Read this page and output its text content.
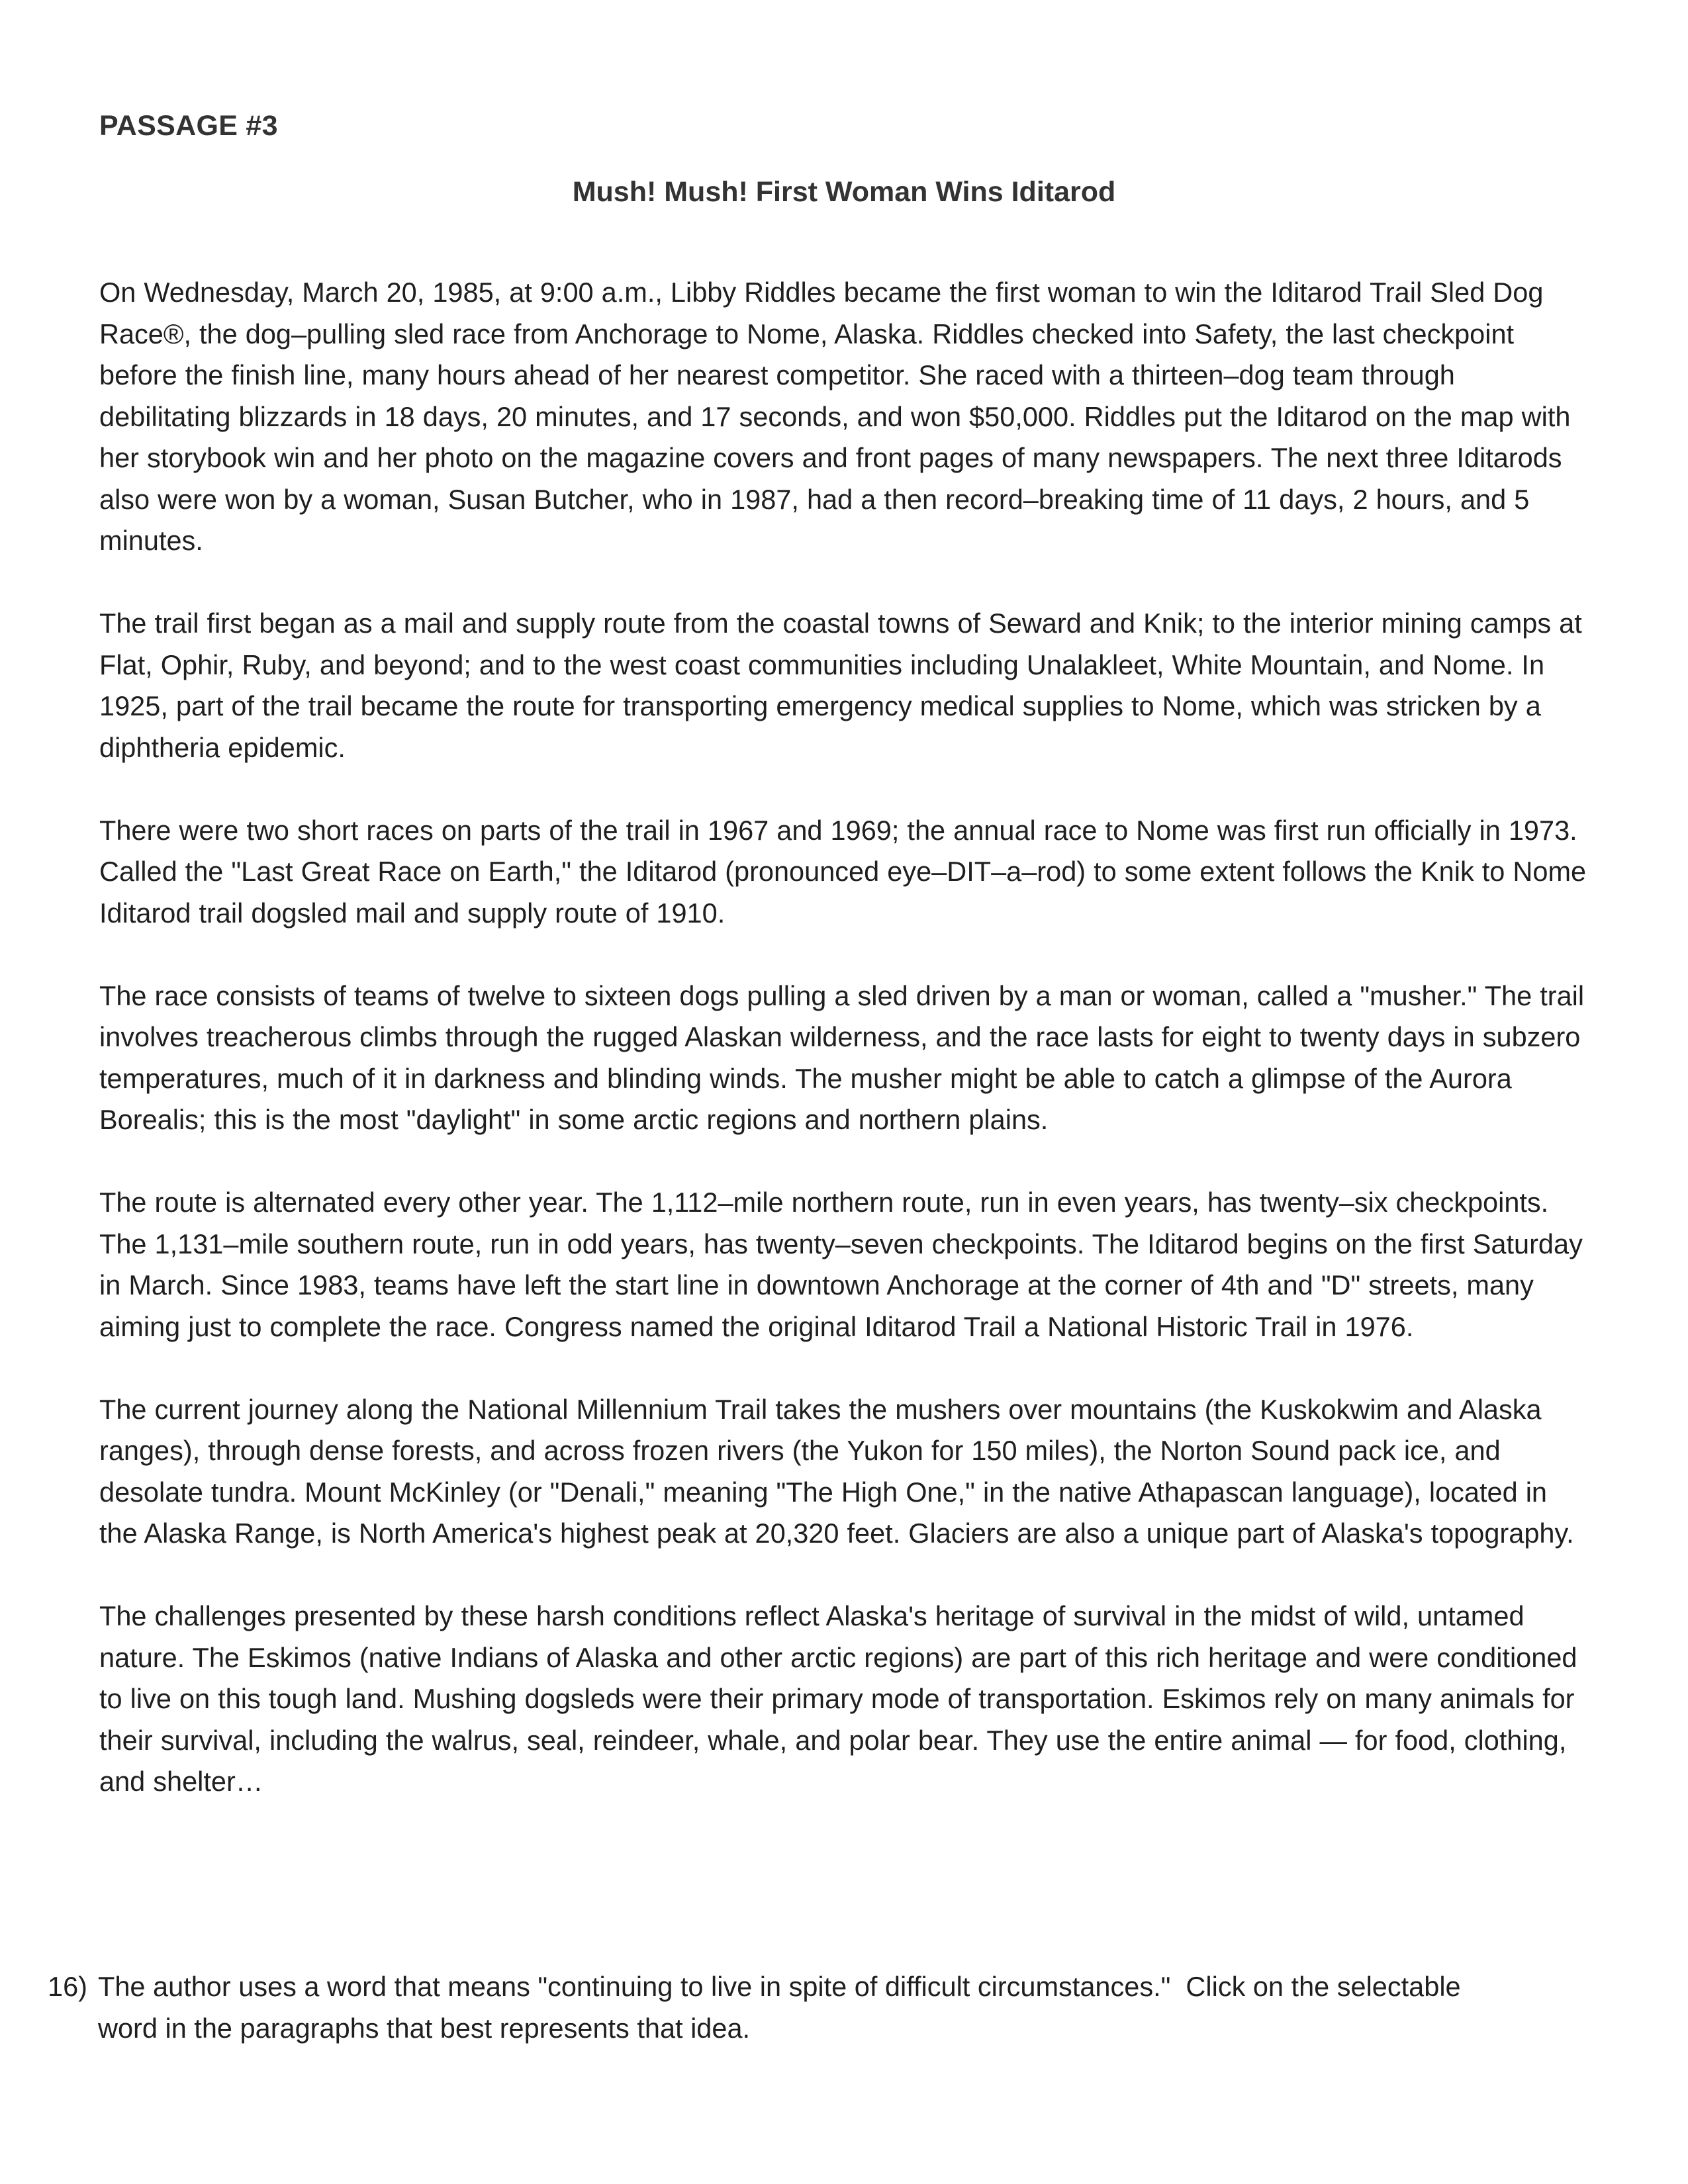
PASSAGE #3
Mush! Mush! First Woman Wins Iditarod

On Wednesday, March 20, 1985, at 9:00 a.m., Libby Riddles became the first woman to win the Iditarod Trail Sled Dog Race®, the dog–pulling sled race from Anchorage to Nome, Alaska. Riddles checked into Safety, the last checkpoint before the finish line, many hours ahead of her nearest competitor. She raced with a thirteen–dog team through debilitating blizzards in 18 days, 20 minutes, and 17 seconds, and won $50,000. Riddles put the Iditarod on the map with her storybook win and her photo on the magazine covers and front pages of many newspapers. The next three Iditarods also were won by a woman, Susan Butcher, who in 1987, had a then record–breaking time of 11 days, 2 hours, and 5 minutes.

The trail first began as a mail and supply route from the coastal towns of Seward and Knik; to the interior mining camps at Flat, Ophir, Ruby, and beyond; and to the west coast communities including Unalakleet, White Mountain, and Nome. In 1925, part of the trail became the route for transporting emergency medical supplies to Nome, which was stricken by a diphtheria epidemic.

There were two short races on parts of the trail in 1967 and 1969; the annual race to Nome was first run officially in 1973. Called the "Last Great Race on Earth," the Iditarod (pronounced eye–DIT–a–rod) to some extent follows the Knik to Nome Iditarod trail dogsled mail and supply route of 1910.

The race consists of teams of twelve to sixteen dogs pulling a sled driven by a man or woman, called a "musher." The trail involves treacherous climbs through the rugged Alaskan wilderness, and the race lasts for eight to twenty days in subzero temperatures, much of it in darkness and blinding winds. The musher might be able to catch a glimpse of the Aurora Borealis; this is the most "daylight" in some arctic regions and northern plains.

The route is alternated every other year. The 1,112–mile northern route, run in even years, has twenty–six checkpoints. The 1,131–mile southern route, run in odd years, has twenty–seven checkpoints. The Iditarod begins on the first Saturday in March. Since 1983, teams have left the start line in downtown Anchorage at the corner of 4th and "D" streets, many aiming just to complete the race. Congress named the original Iditarod Trail a National Historic Trail in 1976.

The current journey along the National Millennium Trail takes the mushers over mountains (the Kuskokwim and Alaska ranges), through dense forests, and across frozen rivers (the Yukon for 150 miles), the Norton Sound pack ice, and desolate tundra. Mount McKinley (or "Denali," meaning "The High One," in the native Athapascan language), located in the Alaska Range, is North America's highest peak at 20,320 feet. Glaciers are also a unique part of Alaska's topography.

The challenges presented by these harsh conditions reflect Alaska's heritage of survival in the midst of wild, untamed nature. The Eskimos (native Indians of Alaska and other arctic regions) are part of this rich heritage and were conditioned to live on this tough land. Mushing dogsleds were their primary mode of transportation. Eskimos rely on many animals for their survival, including the walrus, seal, reindeer, whale, and polar bear. They use the entire animal — for food, clothing, and shelter…

16) The author uses a word that means "continuing to live in spite of difficult circumstances."  Click on the selectable word in the paragraphs that best represents that idea.
